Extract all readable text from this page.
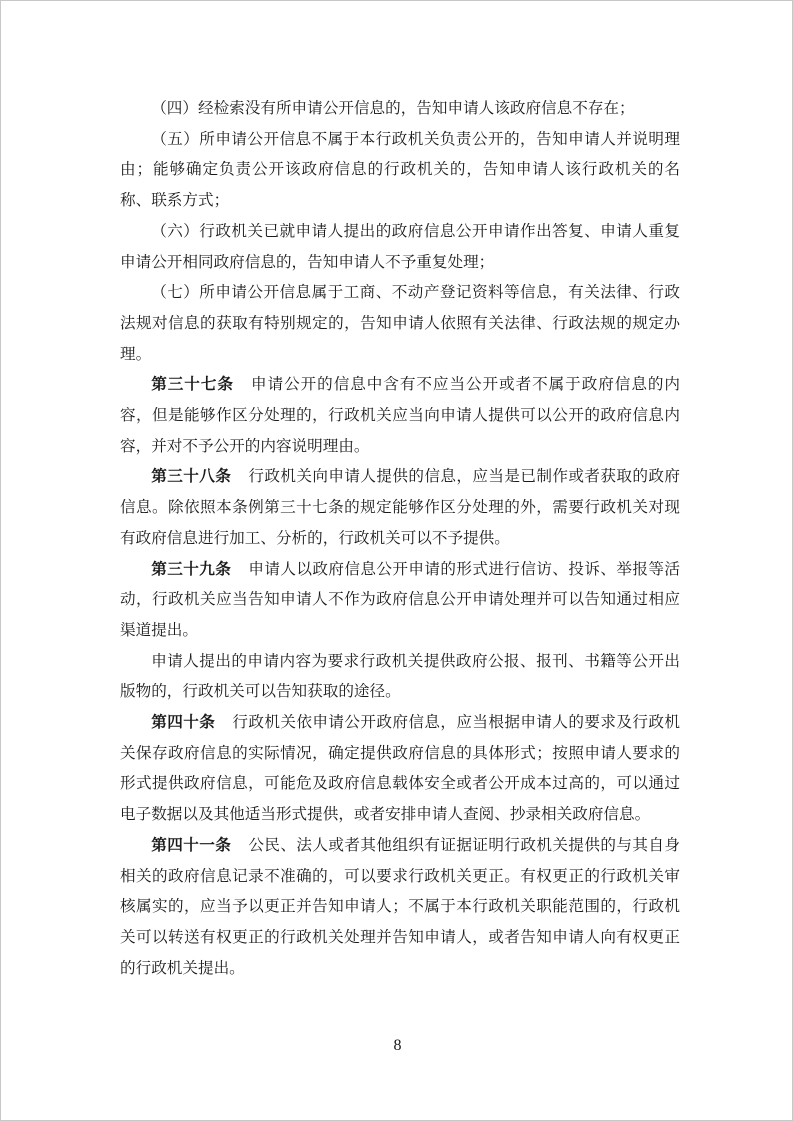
（四）经检索没有所申请公开信息的，告知申请人该政府信息不存在；

（五）所申请公开信息不属于本行政机关负责公开的，告知申请人并说明理由；能够确定负责公开该政府信息的行政机关的，告知申请人该行政机关的名称、联系方式；

（六）行政机关已就申请人提出的政府信息公开申请作出答复、申请人重复申请公开相同政府信息的，告知申请人不予重复处理；

（七）所申请公开信息属于工商、不动产登记资料等信息，有关法律、行政法规对信息的获取有特别规定的，告知申请人依照有关法律、行政法规的规定办理。

第三十七条 申请公开的信息中含有不应当公开或者不属于政府信息的内容，但是能够作区分处理的，行政机关应当向申请人提供可以公开的政府信息内容，并对不予公开的内容说明理由。

第三十八条 行政机关向申请人提供的信息，应当是已制作或者获取的政府信息。除依照本条例第三十七条的规定能够作区分处理的外，需要行政机关对现有政府信息进行加工、分析的，行政机关可以不予提供。

第三十九条 申请人以政府信息公开申请的形式进行信访、投诉、举报等活动，行政机关应当告知申请人不作为政府信息公开申请处理并可以告知通过相应渠道提出。

申请人提出的申请内容为要求行政机关提供政府公报、报刊、书籍等公开出版物的，行政机关可以告知获取的途径。

第四十条 行政机关依申请公开政府信息，应当根据申请人的要求及行政机关保存政府信息的实际情况，确定提供政府信息的具体形式；按照申请人要求的形式提供政府信息，可能危及政府信息载体安全或者公开成本过高的，可以通过电子数据以及其他适当形式提供，或者安排申请人查阅、抄录相关政府信息。

第四十一条 公民、法人或者其他组织有证据证明行政机关提供的与其自身相关的政府信息记录不准确的，可以要求行政机关更正。有权更正的行政机关审核属实的，应当予以更正并告知申请人；不属于本行政机关职能范围的，行政机关可以转送有权更正的行政机关处理并告知申请人，或者告知申请人向有权更正的行政机关提出。

8
